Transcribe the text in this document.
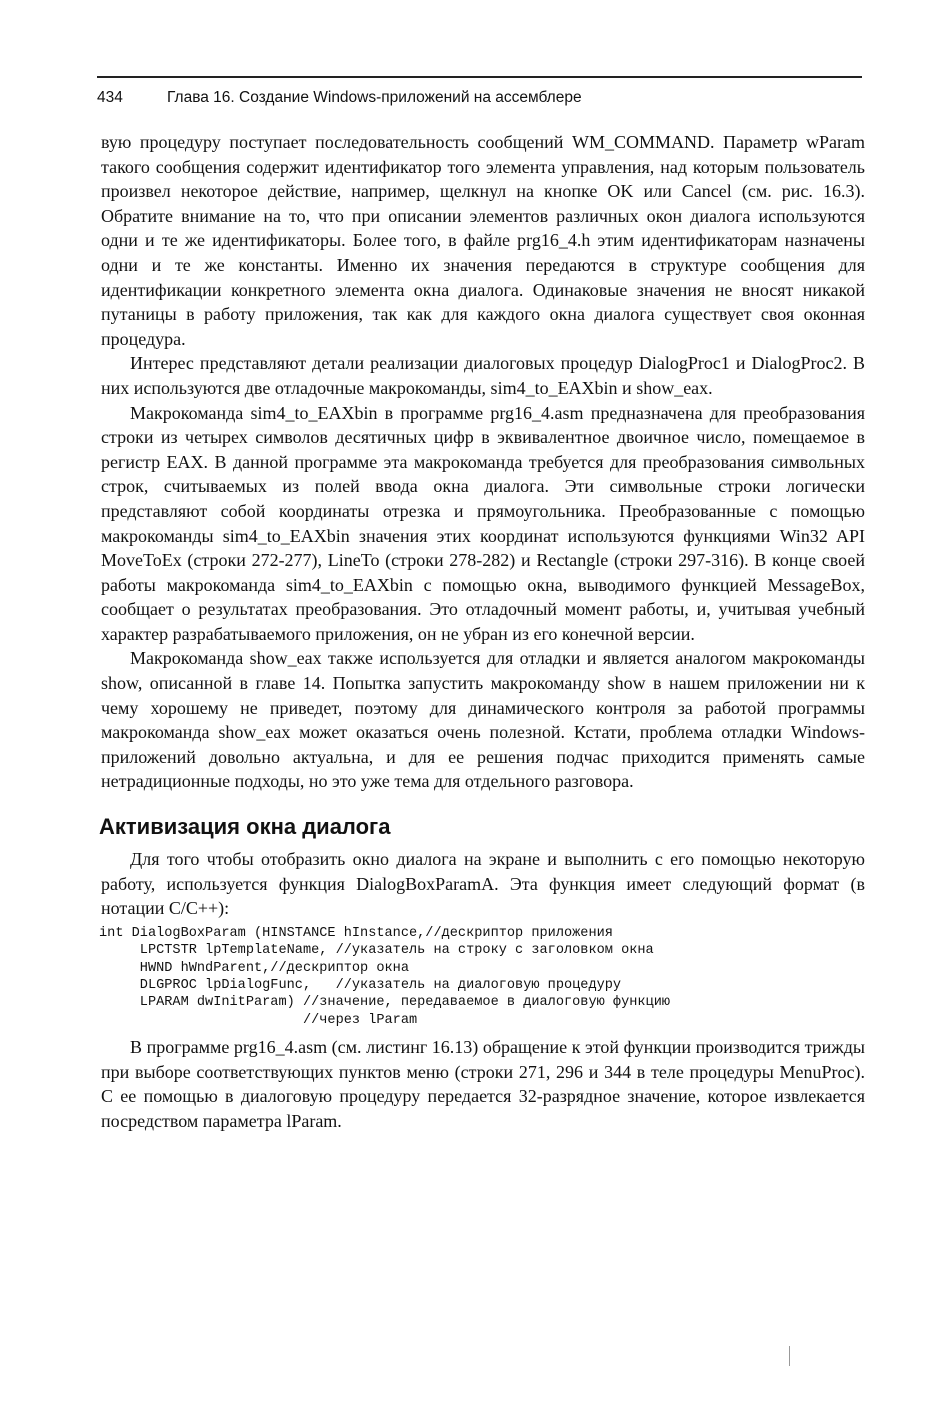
434	Глава 16. Создание Windows-приложений на ассемблере

вую процедуру поступает последовательность сообщений WM_COMMAND. Параметр wParam такого сообщения содержит идентификатор того элемента управления, над которым пользователь произвел некоторое действие, например, щелкнул на кнопке OK или Cancel (см. рис. 16.3). Обратите внимание на то, что при описании элементов различных окон диалога используются одни и те же идентификаторы. Более того, в файле prg16_4.h этим идентификаторам назначены одни и те же константы. Именно их значения передаются в структуре сообщения для идентификации конкретного элемента окна диалога. Одинаковые значения не вносят никакой путаницы в работу приложения, так как для каждого окна диалога существует своя оконная процедура.

Интерес представляют детали реализации диалоговых процедур DialogProc1 и DialogProc2. В них используются две отладочные макрокоманды, sim4_to_EAXbin и show_eax.

Макрокоманда sim4_to_EAXbin в программе prg16_4.asm предназначена для преобразования строки из четырех символов десятичных цифр в эквивалентное двоичное число, помещаемое в регистр EAX. В данной программе эта макрокоманда требуется для преобразования символьных строк, считываемых из полей ввода окна диалога. Эти символьные строки логически представляют собой координаты отрезка и прямоугольника. Преобразованные с помощью макрокоманды sim4_to_EAXbin значения этих координат используются функциями Win32 API MoveToEx (строки 272-277), LineTo (строки 278-282) и Rectangle (строки 297-316). В конце своей работы макрокоманда sim4_to_EAXbin с помощью окна, выводимого функцией MessageBox, сообщает о результатах преобразования. Это отладочный момент работы, и, учитывая учебный характер разрабатываемого приложения, он не убран из его конечной версии.

Макрокоманда show_eax также используется для отладки и является аналогом макрокоманды show, описанной в главе 14. Попытка запустить макрокоманду show в нашем приложении ни к чему хорошему не приведет, поэтому для динамического контроля за работой программы макрокоманда show_eax может оказаться очень полезной. Кстати, проблема отладки Windows-приложений довольно актуальна, и для ее решения подчас приходится применять самые нетрадиционные подходы, но это уже тема для отдельного разговора.

Активизация окна диалога

Для того чтобы отобразить окно диалога на экране и выполнить с его помощью некоторую работу, используется функция DialogBoxParamA. Эта функция имеет следующий формат (в нотации C/C++):

int DialogBoxParam (HINSTANCE hInstance,//дескриптор приложения
LPCTSTR lpTemplateName, //указатель на строку с заголовком окна
HWND hWndParent,//дескриптор окна
DLGPROC lpDialogFunc,   //указатель на диалоговую процедуру
LPARAM dwInitParam) //значение, передаваемое в диалоговую функцию
//через lParam

В программе prg16_4.asm (см. листинг 16.13) обращение к этой функции производится трижды при выборе соответствующих пунктов меню (строки 271, 296 и 344 в теле процедуры MenuProc). С ее помощью в диалоговую процедуру передается 32-разрядное значение, которое извлекается посредством параметра lParam.
